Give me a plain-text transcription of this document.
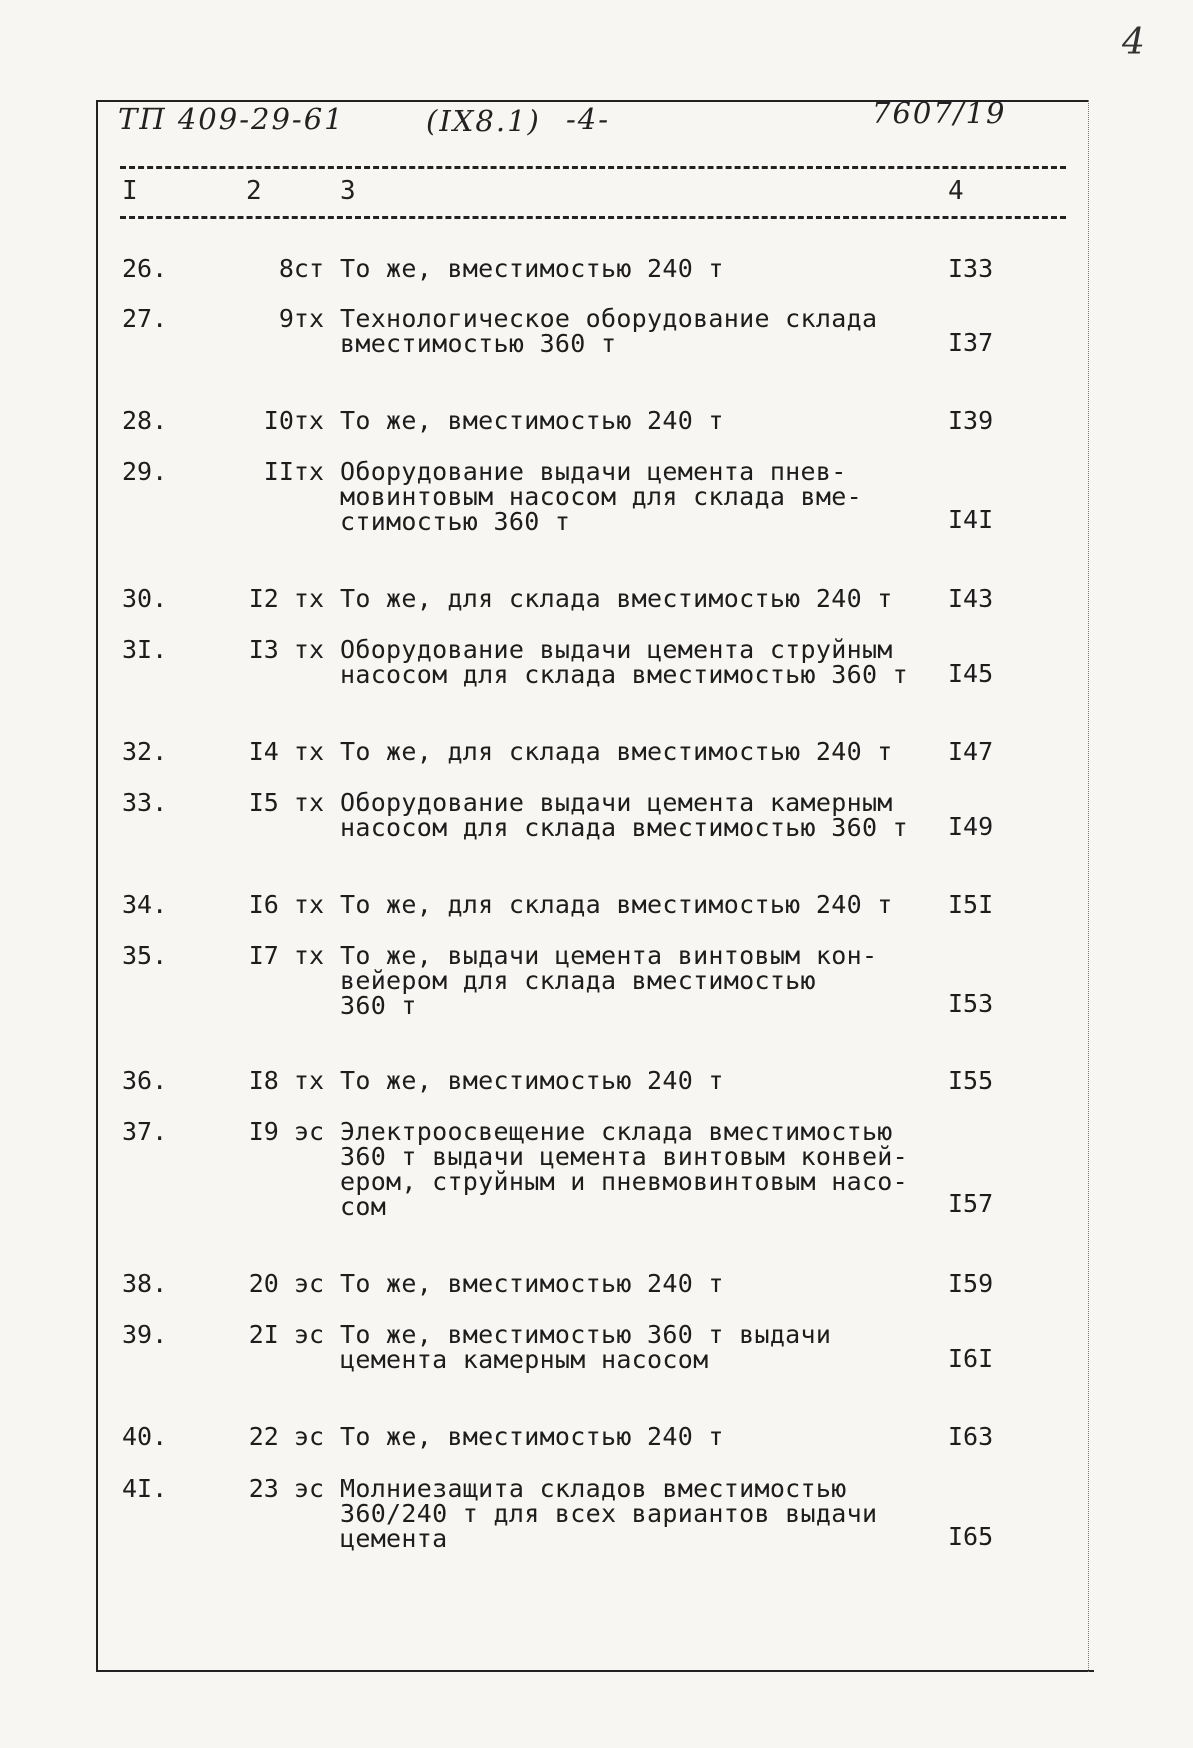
4
ТП 409-29-61	(IX8.1) -4-	7607/19
I	2	3	4
26.	8ст То же, вместимостью 240 т	I33
27.	9тх Технологическое оборудование склада
вместимостью 360 т	I37
28.	I0тх То же, вместимостью 240 т	I39
29.	IIтх Оборудование выдачи цемента пнев-
мовинтовым насосом для склада вме-
стимостью 360 т	I4I
30.	I2 тх То же, для склада вместимостью 240 т	I43
3I.	I3 тх Оборудование выдачи цемента струйным
насосом для склада вместимостью 360 т	I45
32.	I4 тх То же, для склада вместимостью 240 т	I47
33.	I5 тх Оборудование выдачи цемента камерным
насосом для склада вместимостью 360 т	I49
34.	I6 тх То же, для склада вместимостью 240 т	I5I
35.	I7 тх То же, выдачи цемента винтовым кон-
вейером для склада вместимостью
360 т	I53
36.	I8 тх То же, вместимостью 240 т	I55
37.	I9 эс Электроосвещение склада вместимостью
360 т выдачи цемента винтовым конвей-
ером, струйным и пневмовинтовым насо-
сом	I57
38.	20 эс То же, вместимостью 240 т	I59
39.	2I эс То же, вместимостью 360 т выдачи
цемента камерным насосом	I6I
40.	22 эс То же, вместимостью 240 т	I63
4I.	23 эс Молниезащита складов вместимостью
360/240 т для всех вариантов выдачи
цемента	I65
